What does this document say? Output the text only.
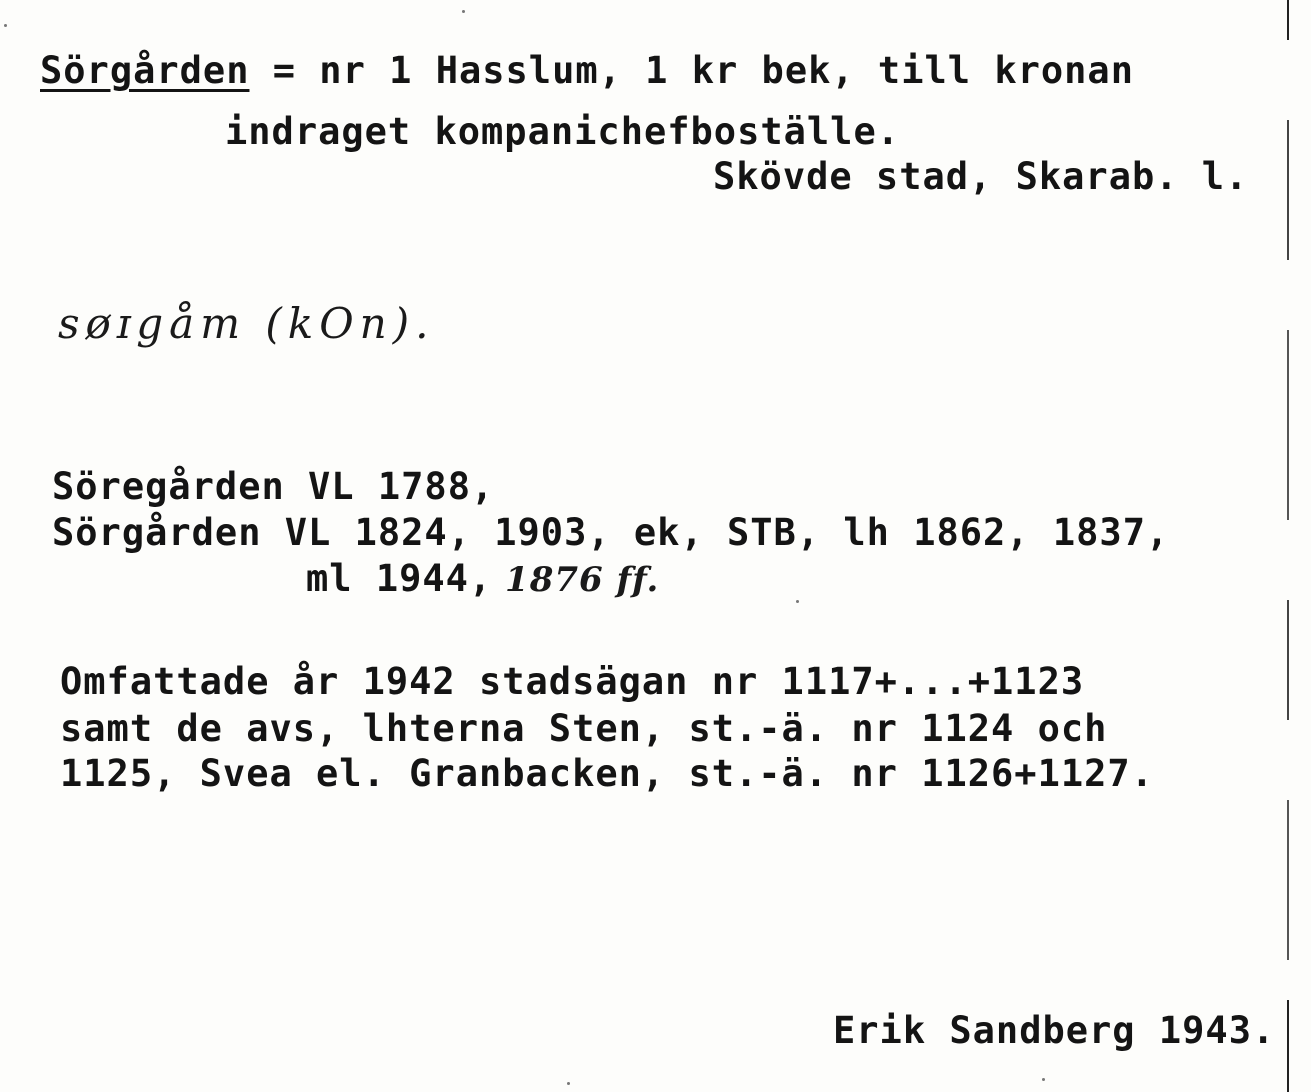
Sörgården = nr 1 Hasslum, 1 kr bek, till kronan
indraget kompanichefboställe.
Skövde stad, Skarab. l.
søɪgåm (kOn).
Söregården VL 1788,
Sörgården VL 1824, 1903, ek, STB, lh 1862, 1837,
ml 1944, 1876 ff.
Omfattade år 1942 stadsägan nr 1117+...+1123
samt de avs, lhterna Sten, st.-ä. nr 1124 och
1125, Svea el. Granbacken, st.-ä. nr 1126+1127.
Erik Sandberg 1943.
